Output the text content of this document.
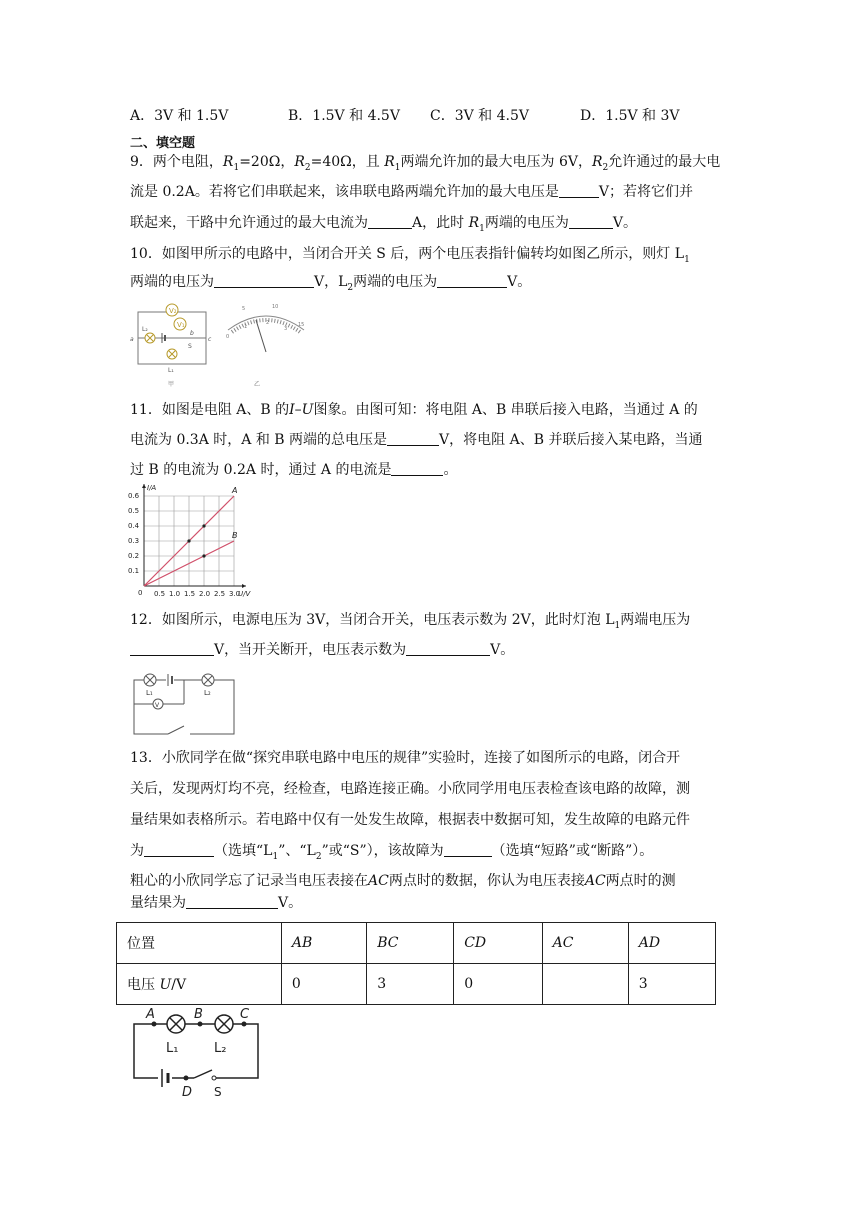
A．3V 和 1.5V	B．1.5V 和 4.5V C．3V 和 4.5V	D．1.5V 和 3V
二、填空题
9．两个电阻，$R_1=20\Omega$，$R_2=40\Omega$，且 $R_1$两端允许加的最大电压为 6V，$R_2$允许通过的最大电
流是 0.2A。若将它们串联起来，该串联电路两端允许加的最大电压是	V；若将它们并
联起来，干路中允许通过的最大电流为	A，此时 $R_1$两端的电压为	V。
10．如图甲所示的电路中，当闭合开关 S 后，两个电压表指针偏转均如图乙所示，则灯 $L_1$
两端的电压为	V，$L_2$两端的电压为	V。
V₂
V₁
L₂
L₁
a
b
c
S
甲
0
5	10
15
1
2
3
乙
11．如图是电阻 A、B 的I–U图象。由图可知：将电阻 A、B 串联后接入电路，当通过 A 的
电流为 0.3A 时，A 和 B 两端的总电压是	V，将电阻 A、B 并联后接入某电路，当通
过 B 的电流为 0.2A 时，通过 A 的电流是	。
0.5 1.0 1.5 2.0 2.5 3.0
0.1
0.2
0.3
0.4
0.5
0.6
0
I/A
U/V
A
B
12．如图所示，电源电压为 3V，当闭合开关，电压表示数为 2V，此时灯泡 $L_1$两端电压为
V，当开关断开，电压表示数为	V。
V
L₁	L₂
13．小欣同学在做“探究串联电路中电压的规律”实验时，连接了如图所示的电路，闭合开
关后，发现两灯均不亮，经检查，电路连接正确。小欣同学用电压表检查该电路的故障，测
量结果如表格所示。若电路中仅有一处发生故障，根据表中数据可知，发生故障的电路元件
为	（选填“$L_1$”、“$L_2$”或“S”），该故障为	（选填“短路”或“断路”）。
粗心的小欣同学忘了记录当电压表接在AC两点时的数据，你认为电压表接AC两点时的测
量结果为	V。
位置	AB	BC	CD	AC	AD
电压 U/V	0	3	0		3
A	B	C
D
L₁	L₂
S
